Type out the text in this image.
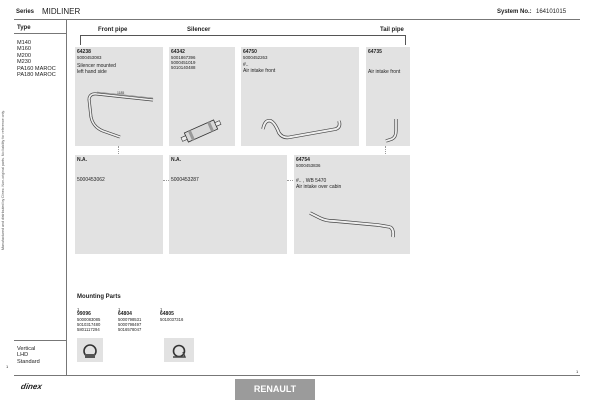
Series MIDLINER	System No.: 164101015
Manufactured and distributed by Dinex. Non-original parts. No liability for reference only.
Type
M140
M160
M200
M230
PA160 MAROC
PA180 MAROC
Vertical
LHD
Standard
Front pipe	Silencer	Tail pipe
64238
5000453083
Silencer mounted
left hand side
1185
64342
5001867396
5000451019
5010140488
64750
5000452263
#..
Air intake front
64735
Air intake front
N.A.
5000453062
N.A.
5000453287
64754
5000453836
#.. , WB 5470
Air intake over cabin
Mounting Parts
1
99096
5000083085
5010317480
5801117294
1
64804
5000798531
5000798497
5016578047
1
64805
5010037316
1
1
dinex	RENAULT
